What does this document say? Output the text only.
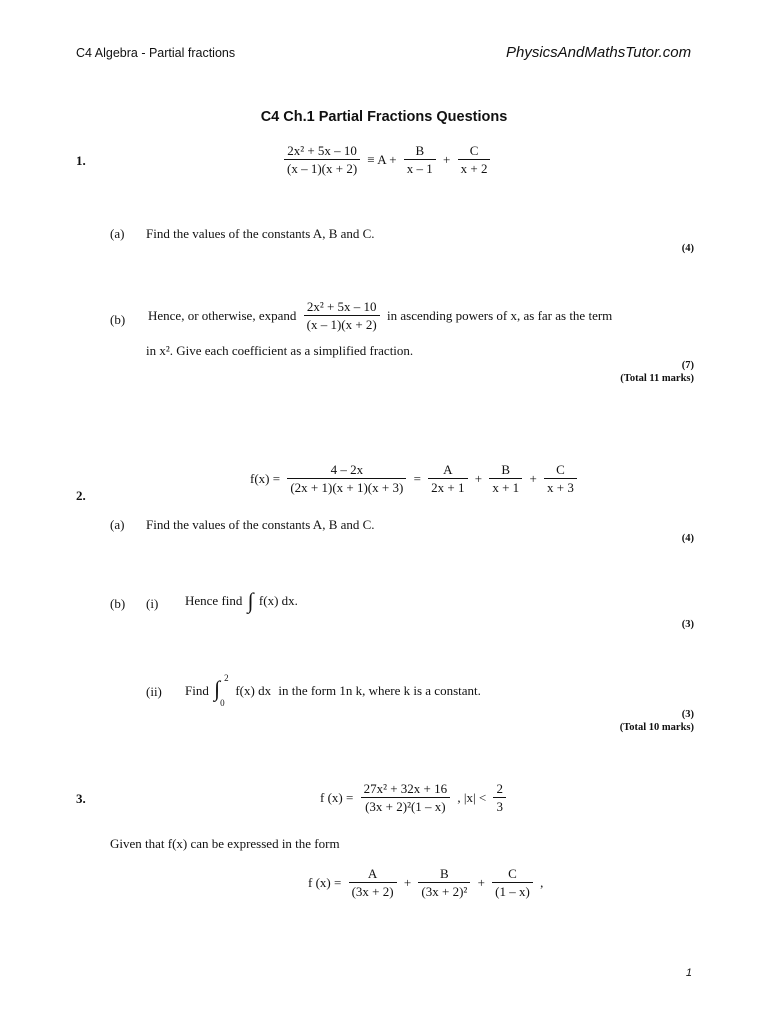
C4 Algebra - Partial fractions	PhysicsAndMathsTutor.com
C4 Ch.1 Partial Fractions Questions
1.	$\frac{\text{2x² + 5x – 10}}{(x - 1)(x + 2)} \equiv A + \frac{B}{x - 1} + \frac{C}{x + 2}$
(a) Find the values of the constants A, B and C.
(4)
(b) Hence, or otherwise, expand $\frac{\text{2x² + 5x – 10}}{(x - 1)(x + 2)}$ in ascending powers of x, as far as the term
in x². Give each coefficient as a simplified fraction.
(7)
(Total 11 marks)
$f(x) = \frac{4 - 2x}{(2x + 1)(x + 1)(x + 3)} = \frac{A}{2x + 1} + \frac{B}{x + 1} + \frac{C}{x + 3}$
2.
(a) Find the values of the constants A, B and C.
(4)
(b) (i) Hence find ∫ f(x) dx.
(3)
(ii) Find ∫ 2
0
f(x) dx in the form 1n k, where k is a constant.
(3)
(Total 10 marks)
3.	f $(x) = \frac{\text{27x² + 32x + 16}}{\text{(3x + 2)²(1 – x)}}$ , $|x| < \frac{2}{3}$
Given that f(x) can be expressed in the form
f $(x) = \frac{A}{(3x + 2)} + \frac{B}{\text{(3x + 2)²}} + \frac{C}{(1 - x)}$ ,
1
